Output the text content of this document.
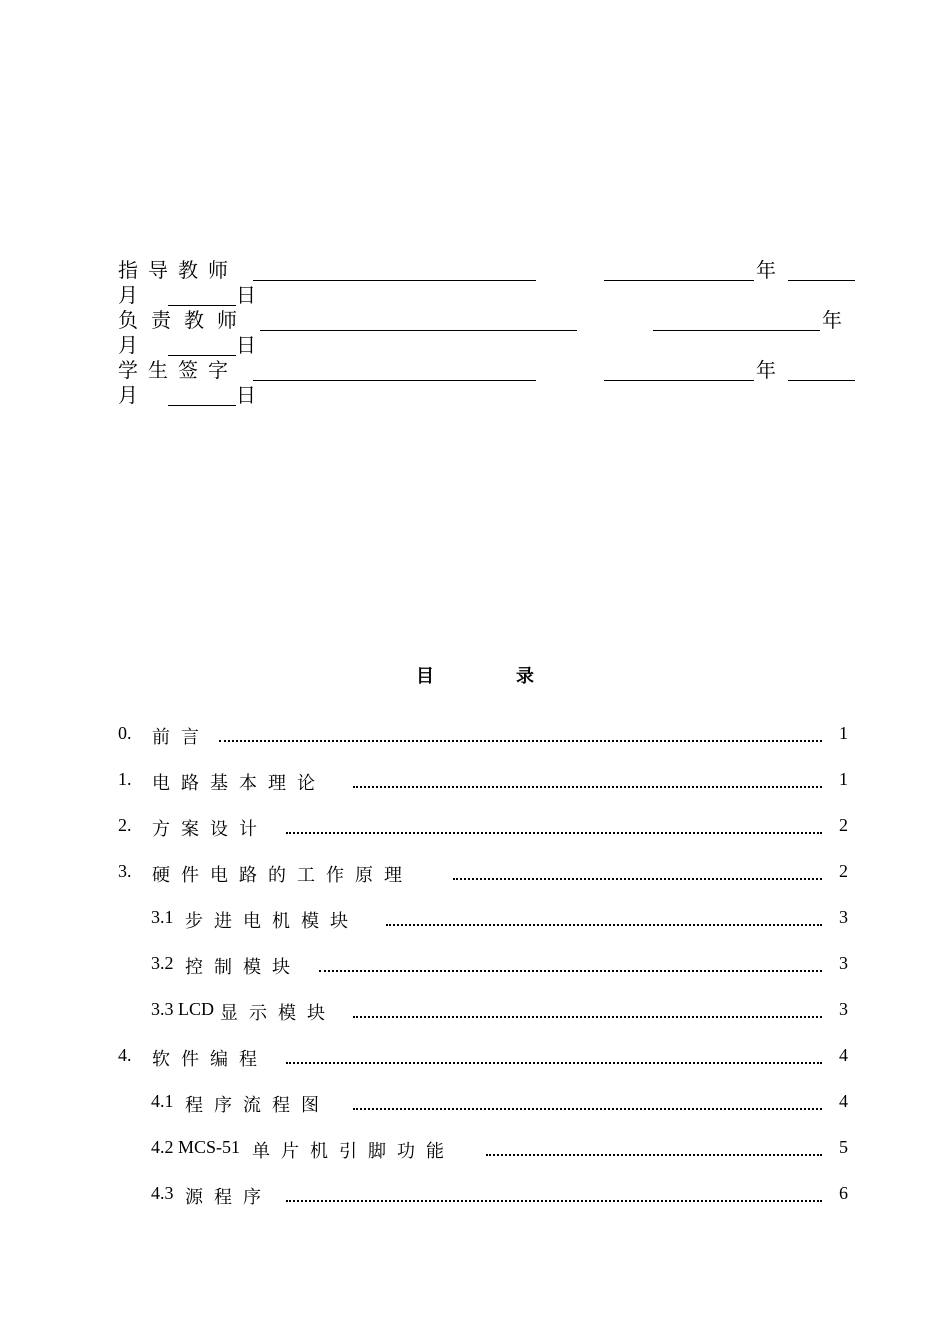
指导教师	年
月	日
负责教师	年
月	日
学生签字	年
月	日
目	录
0. 前言	1
1. 电路基本理论	1
2. 方案设计	2
3. 硬件电路的工作原理	2
3.1 步进电机模块	3
3.2 控制模块	3
3.3 LCD 显示模块	3
4. 软件编程	4
4.1 程序流程图	4
4.2 MCS-51 单片机引脚功能	5
4.3 源程序	6
